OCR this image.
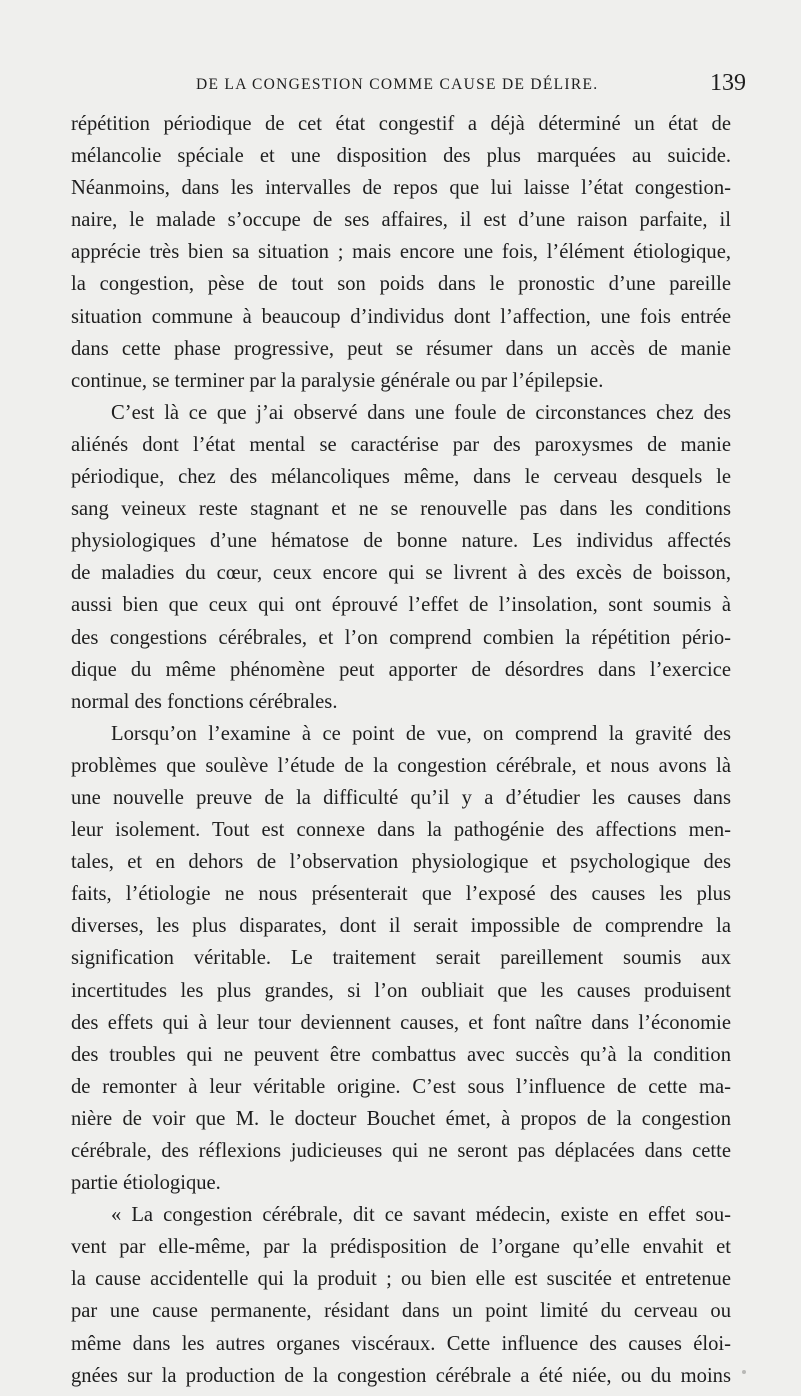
DE LA CONGESTION COMME CAUSE DE DÉLIRE.	139
répétition périodique de cet état congestif a déjà déterminé un état de
mélancolie spéciale et une disposition des plus marquées au suicide.
Néanmoins, dans les intervalles de repos que lui laisse l’état congestion-
naire, le malade s’occupe de ses affaires, il est d’une raison parfaite, il
apprécie très bien sa situation ; mais encore une fois, l’élément étiologique,
la congestion, pèse de tout son poids dans le pronostic d’une pareille
situation commune à beaucoup d’individus dont l’affection, une fois entrée
dans cette phase progressive, peut se résumer dans un accès de manie
continue, se terminer par la paralysie générale ou par l’épilepsie.
C’est là ce que j’ai observé dans une foule de circonstances chez des
aliénés dont l’état mental se caractérise par des paroxysmes de manie
périodique, chez des mélancoliques même, dans le cerveau desquels le
sang veineux reste stagnant et ne se renouvelle pas dans les conditions
physiologiques d’une hématose de bonne nature. Les individus affectés
de maladies du cœur, ceux encore qui se livrent à des excès de boisson,
aussi bien que ceux qui ont éprouvé l’effet de l’insolation, sont soumis à
des congestions cérébrales, et l’on comprend combien la répétition pério-
dique du même phénomène peut apporter de désordres dans l’exercice
normal des fonctions cérébrales.
Lorsqu’on l’examine à ce point de vue, on comprend la gravité des
problèmes que soulève l’étude de la congestion cérébrale, et nous avons là
une nouvelle preuve de la difficulté qu’il y a d’étudier les causes dans
leur isolement. Tout est connexe dans la pathogénie des affections men-
tales, et en dehors de l’observation physiologique et psychologique des
faits, l’étiologie ne nous présenterait que l’exposé des causes les plus
diverses, les plus disparates, dont il serait impossible de comprendre la
signification véritable. Le traitement serait pareillement soumis aux
incertitudes les plus grandes, si l’on oubliait que les causes produisent
des effets qui à leur tour deviennent causes, et font naître dans l’économie
des troubles qui ne peuvent être combattus avec succès qu’à la condition
de remonter à leur véritable origine. C’est sous l’influence de cette ma-
nière de voir que M. le docteur Bouchet émet, à propos de la congestion
cérébrale, des réflexions judicieuses qui ne seront pas déplacées dans cette
partie étiologique.
« La congestion cérébrale, dit ce savant médecin, existe en effet sou-
vent par elle-même, par la prédisposition de l’organe qu’elle envahit et
la cause accidentelle qui la produit ; ou bien elle est suscitée et entretenue
par une cause permanente, résidant dans un point limité du cerveau ou
même dans les autres organes viscéraux. Cette influence des causes éloi-
gnées sur la production de la congestion cérébrale a été niée, ou du moins
